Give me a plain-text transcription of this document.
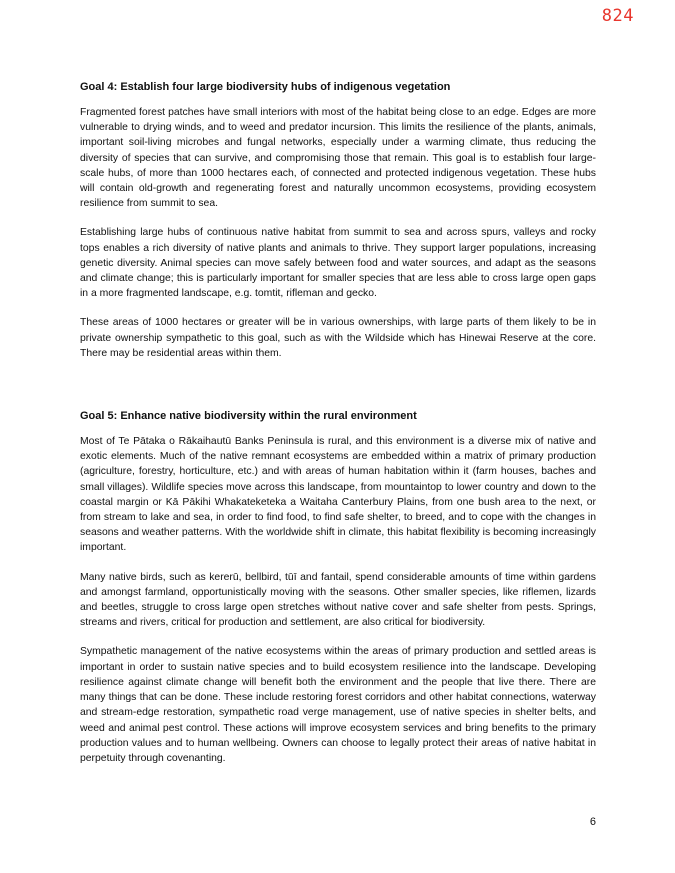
824
Goal 4: Establish four large biodiversity hubs of indigenous vegetation

Fragmented forest patches have small interiors with most of the habitat being close to an edge. Edges are more vulnerable to drying winds, and to weed and predator incursion. This limits the resilience of the plants, animals, important soil-living microbes and fungal networks, especially under a warming climate, thus reducing the diversity of species that can survive, and compromising those that remain. This goal is to establish four large-scale hubs, of more than 1000 hectares each, of connected and protected indigenous vegetation. These hubs will contain old-growth and regenerating forest and naturally uncommon ecosystems, providing ecosystem resilience from summit to sea.

Establishing large hubs of continuous native habitat from summit to sea and across spurs, valleys and rocky tops enables a rich diversity of native plants and animals to thrive. They support larger populations, increasing genetic diversity. Animal species can move safely between food and water sources, and adapt as the seasons and climate change; this is particularly important for smaller species that are less able to cross large open gaps in a more fragmented landscape, e.g. tomtit, rifleman and gecko.

These areas of 1000 hectares or greater will be in various ownerships, with large parts of them likely to be in private ownership sympathetic to this goal, such as with the Wildside which has Hinewai Reserve at the core. There may be residential areas within them.

Goal 5: Enhance native biodiversity within the rural environment

Most of Te Pātaka o Rākaihautū Banks Peninsula is rural, and this environment is a diverse mix of native and exotic elements. Much of the native remnant ecosystems are embedded within a matrix of primary production (agriculture, forestry, horticulture, etc.) and with areas of human habitation within it (farm houses, baches and small villages). Wildlife species move across this landscape, from mountaintop to lower country and down to the coastal margin or Kā Pākihi Whakateketeka a Waitaha Canterbury Plains, from one bush area to the next, or from stream to lake and sea, in order to find food, to find safe shelter, to breed, and to cope with the changes in seasons and weather patterns. With the worldwide shift in climate, this habitat flexibility is becoming increasingly important.

Many native birds, such as kererū, bellbird, tūī and fantail, spend considerable amounts of time within gardens and amongst farmland, opportunistically moving with the seasons. Other smaller species, like riflemen, lizards and beetles, struggle to cross large open stretches without native cover and safe shelter from pests. Springs, streams and rivers, critical for production and settlement, are also critical for biodiversity.

Sympathetic management of the native ecosystems within the areas of primary production and settled areas is important in order to sustain native species and to build ecosystem resilience into the landscape. Developing resilience against climate change will benefit both the environment and the people that live there. There are many things that can be done. These include restoring forest corridors and other habitat connections, waterway and stream-edge restoration, sympathetic road verge management, use of native species in shelter belts, and weed and animal pest control. These actions will improve ecosystem services and bring benefits to the primary production values and to human wellbeing. Owners can choose to legally protect their areas of native habitat in perpetuity through covenanting.

6
